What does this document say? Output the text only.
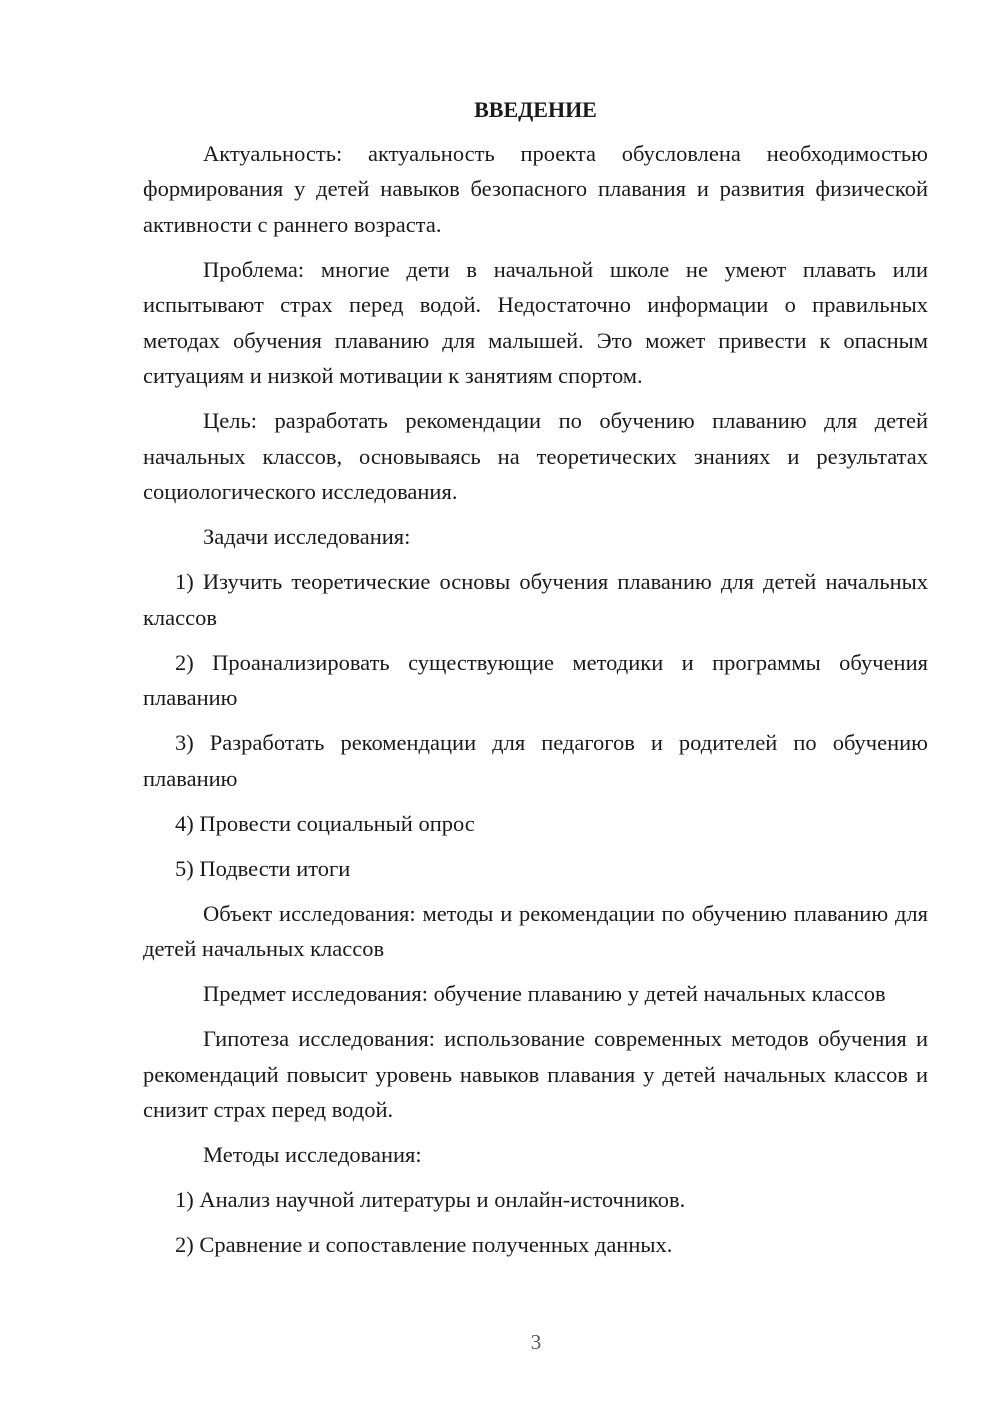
ВВЕДЕНИЕ

Актуальность: актуальность проекта обусловлена необходимостью формирования у детей навыков безопасного плавания и развития физической активности с раннего возраста.

Проблема: многие дети в начальной школе не умеют плавать или испытывают страх перед водой. Недостаточно информации о правильных методах обучения плаванию для малышей. Это может привести к опасным ситуациям и низкой мотивации к занятиям спортом.

Цель: разработать рекомендации по обучению плаванию для детей начальных классов, основываясь на теоретических знаниях и результатах социологического исследования.

Задачи исследования:

1) Изучить теоретические основы обучения плаванию для детей начальных классов

2) Проанализировать существующие методики и программы обучения плаванию

3) Разработать рекомендации для педагогов и родителей по обучению плаванию

4) Провести социальный опрос

5) Подвести итоги

Объект исследования: методы и рекомендации по обучению плаванию для детей начальных классов

Предмет исследования: обучение плаванию у детей начальных классов

Гипотеза исследования: использование современных методов обучения и рекомендаций повысит уровень навыков плавания у детей начальных классов и снизит страх перед водой.

Методы исследования:

1) Анализ научной литературы и онлайн-источников.

2) Сравнение и сопоставление полученных данных.

3
